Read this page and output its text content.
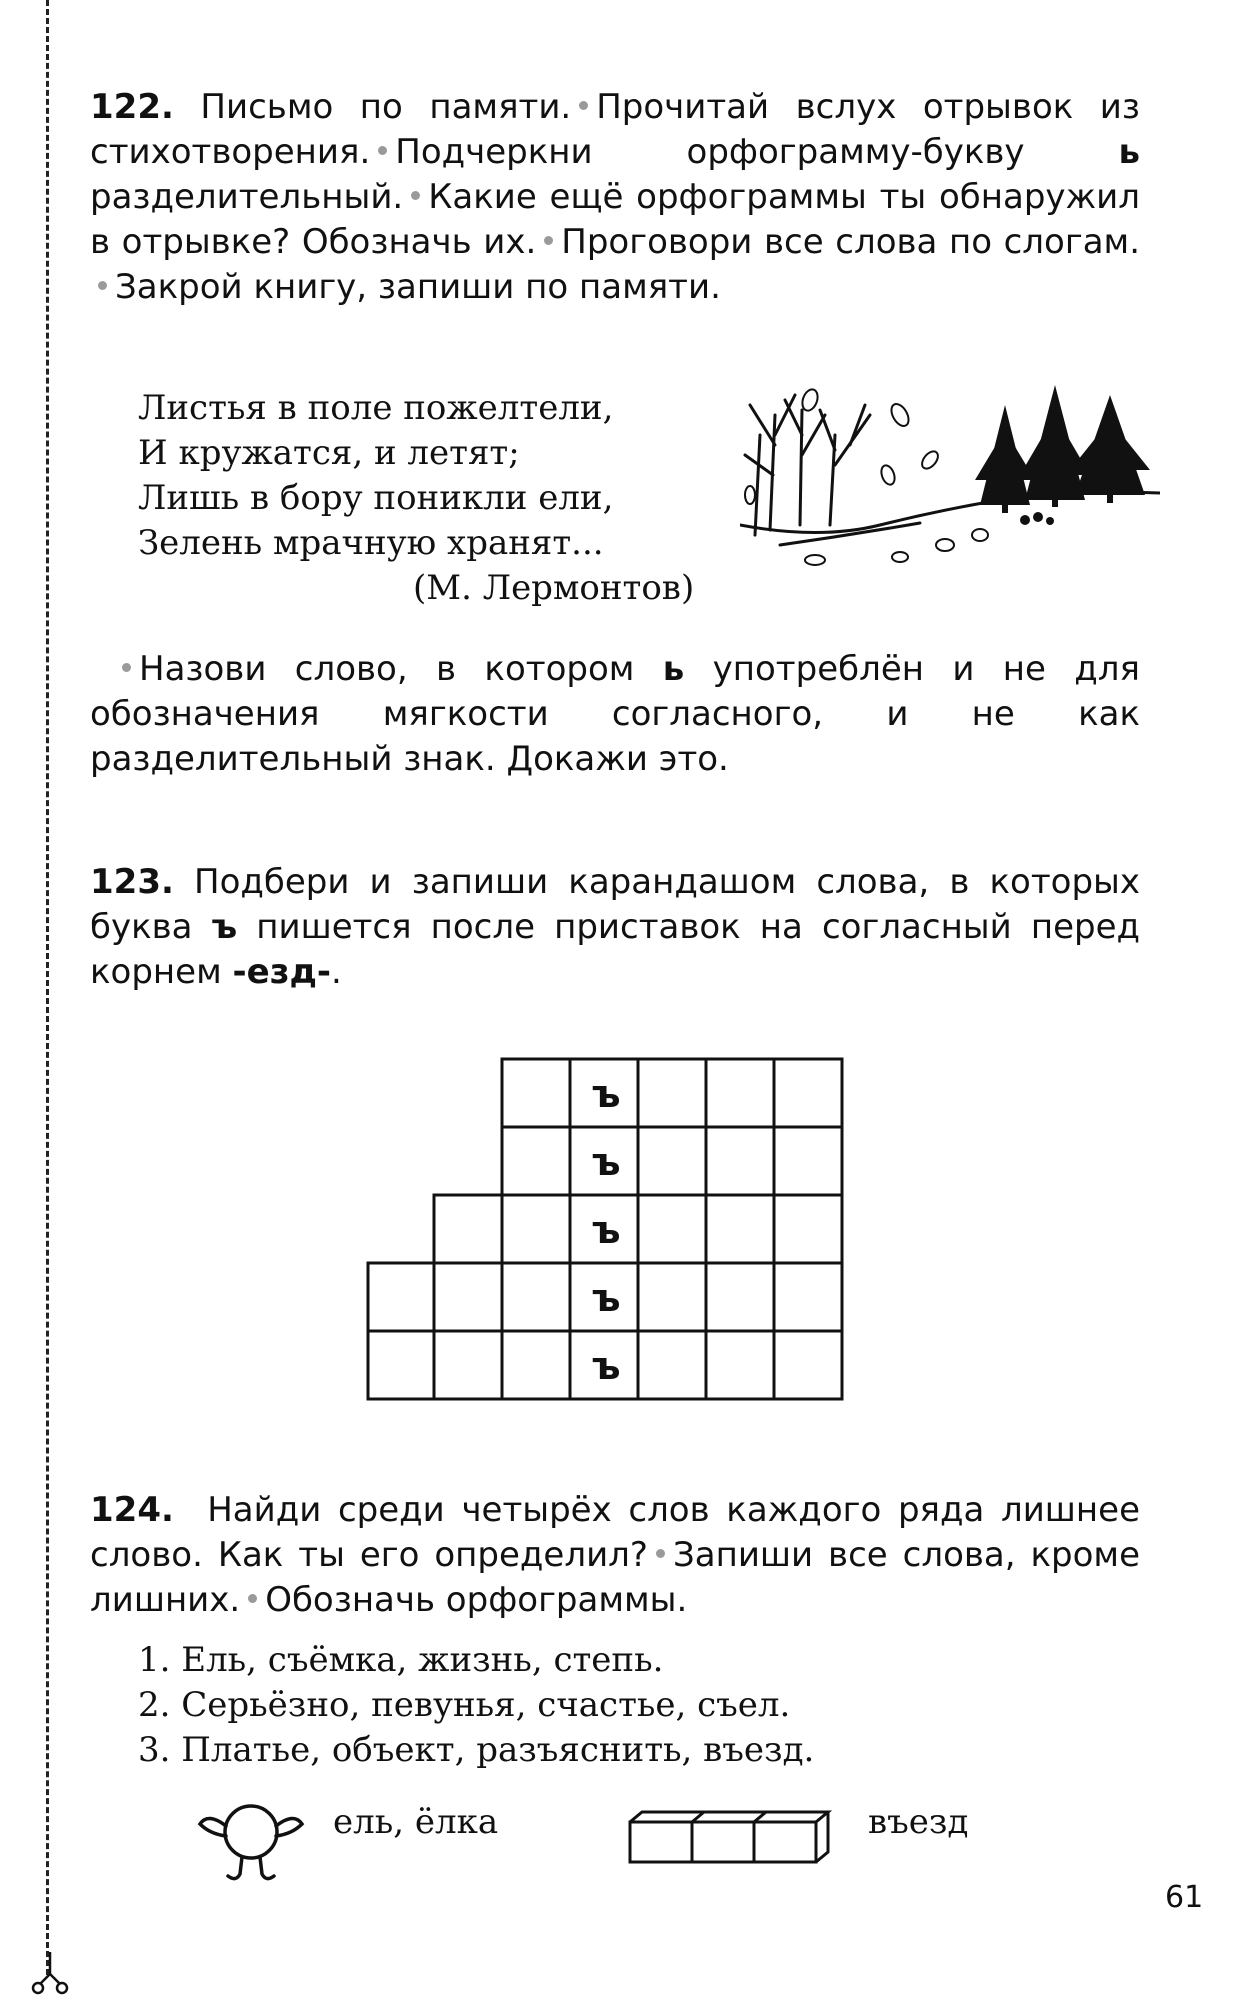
122. Письмо по памяти. Прочитай вслух отрывок из стихотворения. Подчеркни орфограмму-букву	ь разделительный. Какие ещё орфограммы ты обнаружил в отрывке? Обозначь их. Проговори все слова по слогам.Закрой книгу, запиши по памяти.

Листья в поле пожелтели,
И кружатся, и летят;
Лишь в бору поникли ели,
Зелень мрачную хранят...
(М. Лермонтов)

Назови слово, в котором ь употреблён и не для обозначения мягкости согласного, и не как разделительный знак. Докажи это.

123. Подбери и запиши карандашом слова, в которых буква ъ пишется после приставок на согласный перед корнем -езд-.

ъ
ъ
ъ
ъ
ъ

124. Найди среди четырёх слов каждого ряда лишнее слово. Как ты его определил? Запиши все слова, кроме лишних. Обозначь орфограммы.

1. Ель, съёмка, жизнь, степь.
2. Серьёзно, певунья, счастье, съел.
3. Платье, объект, разъяснить, въезд.
ель, ёлка	въезд
61
